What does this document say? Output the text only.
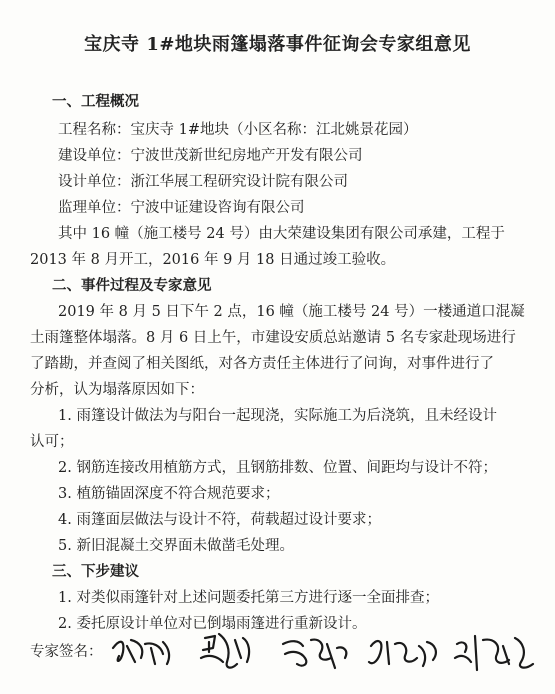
宝庆寺 1#地块雨篷塌落事件征询会专家组意见
一、工程概况
工程名称：宝庆寺 1#地块（小区名称：江北姚景花园）
建设单位：宁波世茂新世纪房地产开发有限公司
设计单位：浙江华展工程研究设计院有限公司
监理单位：宁波中证建设咨询有限公司
其中 16 幢（施工楼号 24 号）由大荣建设集团有限公司承建，工程于
2013 年 8 月开工，2016 年 9 月 18 日通过竣工验收。
二、事件过程及专家意见
2019 年 8 月 5 日下午 2 点，16 幢（施工楼号 24 号）一楼通道口混凝
土雨篷整体塌落。8 月 6 日上午，市建设安质总站邀请 5 名专家赴现场进行
了踏勘，并查阅了相关图纸，对各方责任主体进行了问询，对事件进行了
分析，认为塌落原因如下：
1. 雨篷设计做法为与阳台一起现浇，实际施工为后浇筑，且未经设计
认可；
2. 钢筋连接改用植筋方式，且钢筋排数、位置、间距均与设计不符；
3. 植筋锚固深度不符合规范要求；
4. 雨篷面层做法与设计不符，荷载超过设计要求；
5. 新旧混凝土交界面未做凿毛处理。
三、下步建议
1. 对类似雨篷针对上述问题委托第三方进行逐一全面排查；
2. 委托原设计单位对已倒塌雨篷进行重新设计。
专家签名：
